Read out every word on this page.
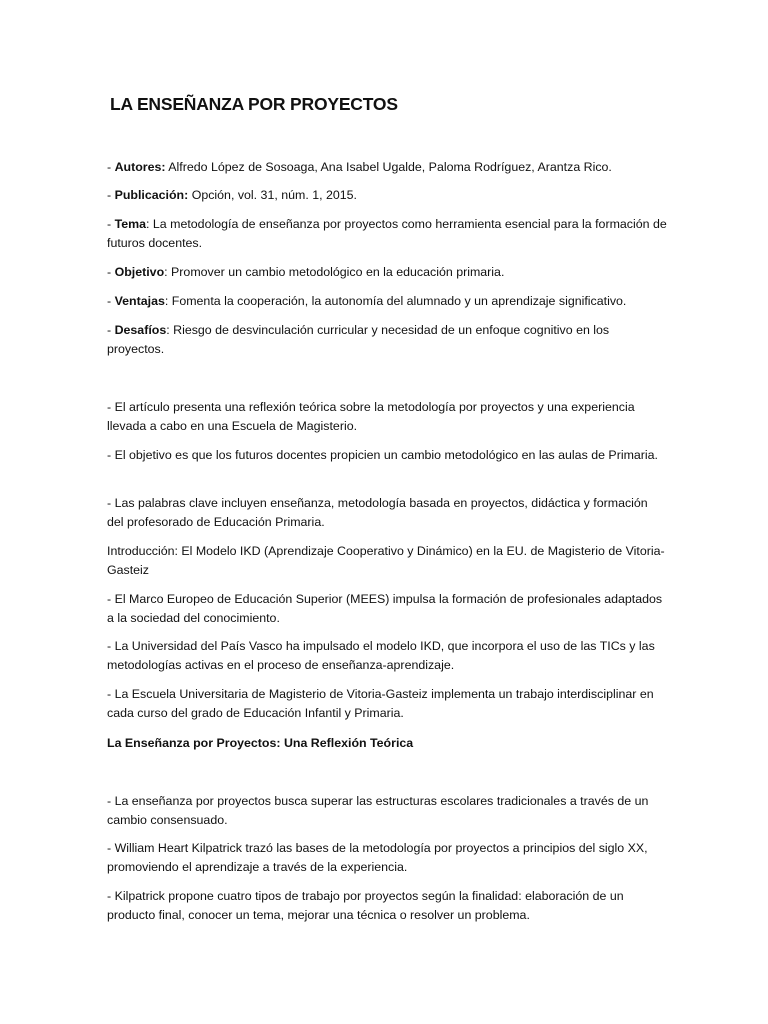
LA ENSEÑANZA POR PROYECTOS

- Autores: Alfredo López de Sosoaga, Ana Isabel Ugalde, Paloma Rodríguez, Arantza Rico.

- Publicación: Opción, vol. 31, núm. 1, 2015.

- Tema: La metodología de enseñanza por proyectos como herramienta esencial para la formación de futuros docentes.

- Objetivo: Promover un cambio metodológico en la educación primaria.

- Ventajas: Fomenta la cooperación, la autonomía del alumnado y un aprendizaje significativo.

- Desafíos: Riesgo de desvinculación curricular y necesidad de un enfoque cognitivo en los proyectos.

- El artículo presenta una reflexión teórica sobre la metodología por proyectos y una experiencia llevada a cabo en una Escuela de Magisterio.

- El objetivo es que los futuros docentes propicien un cambio metodológico en las aulas de Primaria.

- Las palabras clave incluyen enseñanza, metodología basada en proyectos, didáctica y formación del profesorado de Educación Primaria.

Introducción: El Modelo IKD (Aprendizaje Cooperativo y Dinámico) en la EU. de Magisterio de Vitoria-Gasteiz

- El Marco Europeo de Educación Superior (MEES) impulsa la formación de profesionales adaptados a la sociedad del conocimiento.

- La Universidad del País Vasco ha impulsado el modelo IKD, que incorpora el uso de las TICs y las metodologías activas en el proceso de enseñanza-aprendizaje.

- La Escuela Universitaria de Magisterio de Vitoria-Gasteiz implementa un trabajo interdisciplinar en cada curso del grado de Educación Infantil y Primaria.

La Enseñanza por Proyectos: Una Reflexión Teórica

- La enseñanza por proyectos busca superar las estructuras escolares tradicionales a través de un cambio consensuado.

- William Heart Kilpatrick trazó las bases de la metodología por proyectos a principios del siglo XX, promoviendo el aprendizaje a través de la experiencia.

- Kilpatrick propone cuatro tipos de trabajo por proyectos según la finalidad: elaboración de un producto final, conocer un tema, mejorar una técnica o resolver un problema.
